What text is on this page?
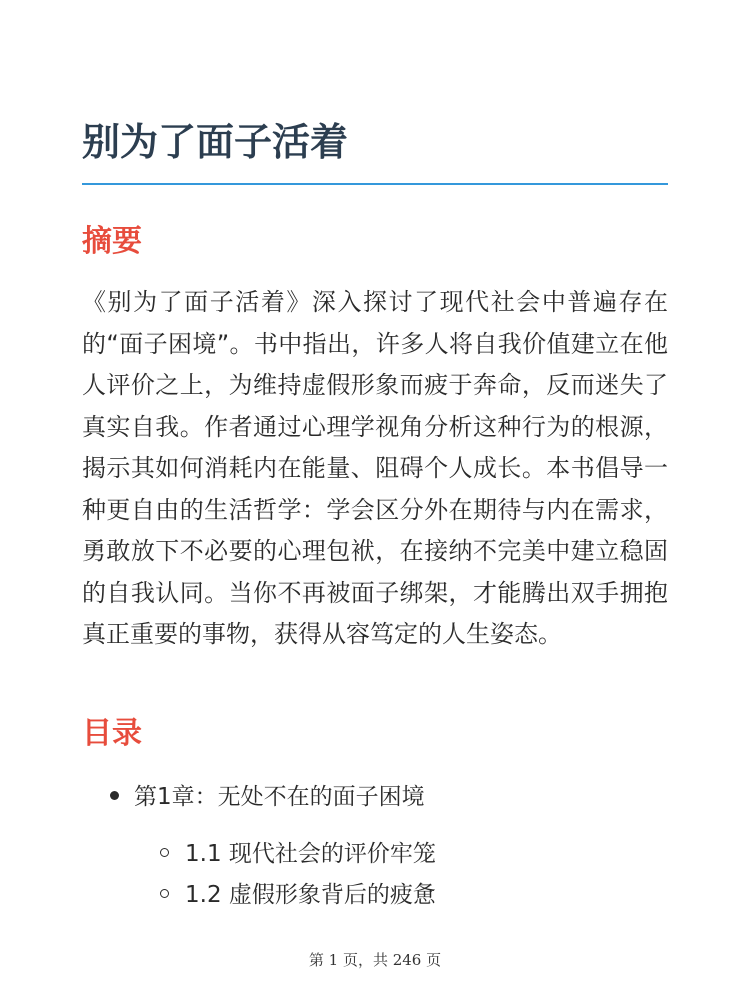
别为了面子活着
摘要

《别为了面子活着》深入探讨了现代社会中普遍存在的“面子困境”。书中指出，许多人将自我价值建立在他人评价之上，为维持虚假形象而疲于奔命，反而迷失了真实自我。作者通过心理学视角分析这种行为的根源，揭示其如何消耗内在能量、阻碍个人成长。本书倡导一种更自由的生活哲学：学会区分外在期待与内在需求，勇敢放下不必要的心理包袱，在接纳不完美中建立稳固的自我认同。当你不再被面子绑架，才能腾出双手拥抱真正重要的事物，获得从容笃定的人生姿态。

目录
第1章：无处不在的面子困境
1.1 现代社会的评价牢笼
1.2 虚假形象背后的疲惫
第 1 页，共 246 页
